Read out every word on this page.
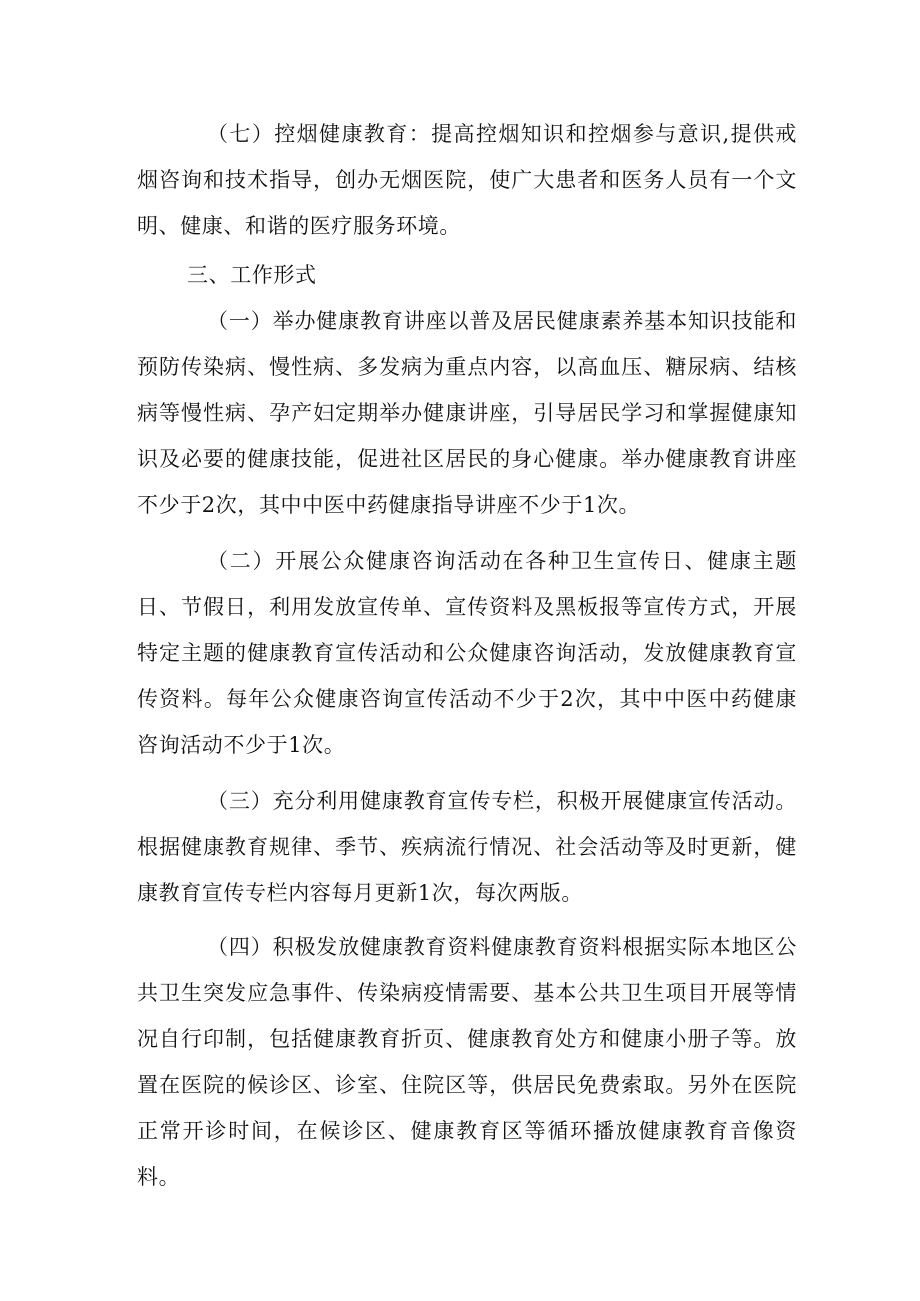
（七）控烟健康教育：提高控烟知识和控烟参与意识,提供戒烟咨询和技术指导，创办无烟医院，使广大患者和医务人员有一个文明、健康、和谐的医疗服务环境。

三、工作形式

（一）举办健康教育讲座以普及居民健康素养基本知识技能和预防传染病、慢性病、多发病为重点内容，以高血压、糖尿病、结核病等慢性病、孕产妇定期举办健康讲座，引导居民学习和掌握健康知识及必要的健康技能，促进社区居民的身心健康。举办健康教育讲座不少于2次，其中中医中药健康指导讲座不少于1次。

（二）开展公众健康咨询活动在各种卫生宣传日、健康主题日、节假日，利用发放宣传单、宣传资料及黑板报等宣传方式，开展特定主题的健康教育宣传活动和公众健康咨询活动，发放健康教育宣传资料。每年公众健康咨询宣传活动不少于2次，其中中医中药健康咨询活动不少于1次。

（三）充分利用健康教育宣传专栏，积极开展健康宣传活动。根据健康教育规律、季节、疾病流行情况、社会活动等及时更新，健康教育宣传专栏内容每月更新1次，每次两版。

（四）积极发放健康教育资料健康教育资料根据实际本地区公共卫生突发应急事件、传染病疫情需要、基本公共卫生项目开展等情况自行印制，包括健康教育折页、健康教育处方和健康小册子等。放置在医院的候诊区、诊室、住院区等，供居民免费索取。另外在医院正常开诊时间，在候诊区、健康教育区等循环播放健康教育音像资料。
